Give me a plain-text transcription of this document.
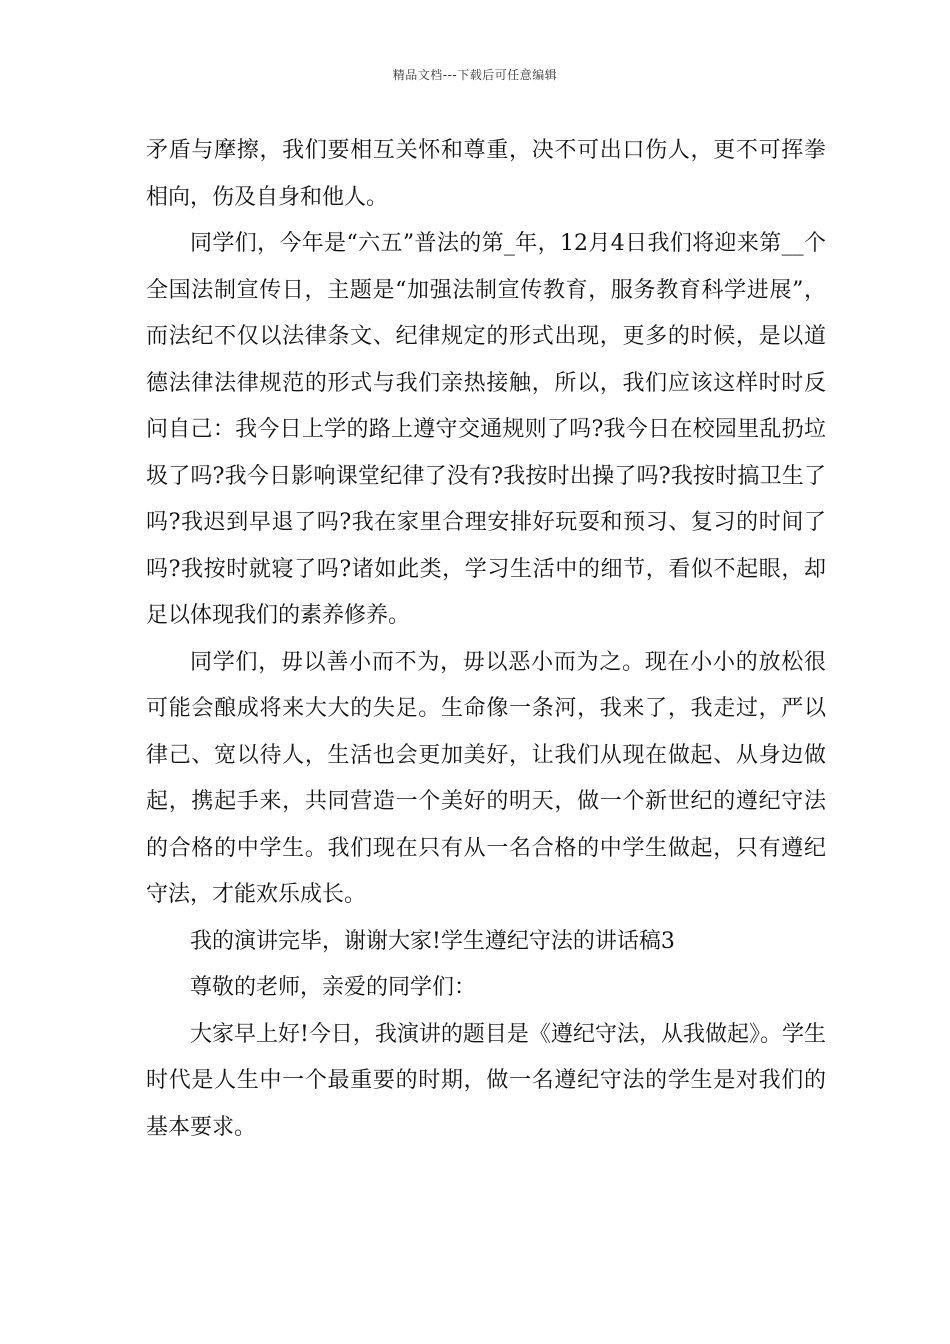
精品文档---下载后可任意编辑

矛盾与摩擦，我们要相互关怀和尊重，决不可出口伤人，更不可挥拳相向，伤及自身和他人。

同学们，今年是“六五”普法的第_年，12月4日我们将迎来第__个全国法制宣传日，主题是“加强法制宣传教育，服务教育科学进展”，而法纪不仅以法律条文、纪律规定的形式出现，更多的时候，是以道德法律法律规范的形式与我们亲热接触，所以，我们应该这样时时反问自己：我今日上学的路上遵守交通规则了吗?我今日在校园里乱扔垃圾了吗?我今日影响课堂纪律了没有?我按时出操了吗?我按时搞卫生了吗?我迟到早退了吗?我在家里合理安排好玩耍和预习、复习的时间了吗?我按时就寝了吗?诸如此类，学习生活中的细节，看似不起眼，却足以体现我们的素养修养。

同学们，毋以善小而不为，毋以恶小而为之。现在小小的放松很可能会酿成将来大大的失足。生命像一条河，我来了，我走过，严以律己、宽以待人，生活也会更加美好，让我们从现在做起、从身边做起，携起手来，共同营造一个美好的明天，做一个新世纪的遵纪守法的合格的中学生。我们现在只有从一名合格的中学生做起，只有遵纪守法，才能欢乐成长。

我的演讲完毕，谢谢大家!学生遵纪守法的讲话稿3

尊敬的老师，亲爱的同学们：

大家早上好!今日，我演讲的题目是《遵纪守法，从我做起》。学生时代是人生中一个最重要的时期，做一名遵纪守法的学生是对我们的基本要求。
